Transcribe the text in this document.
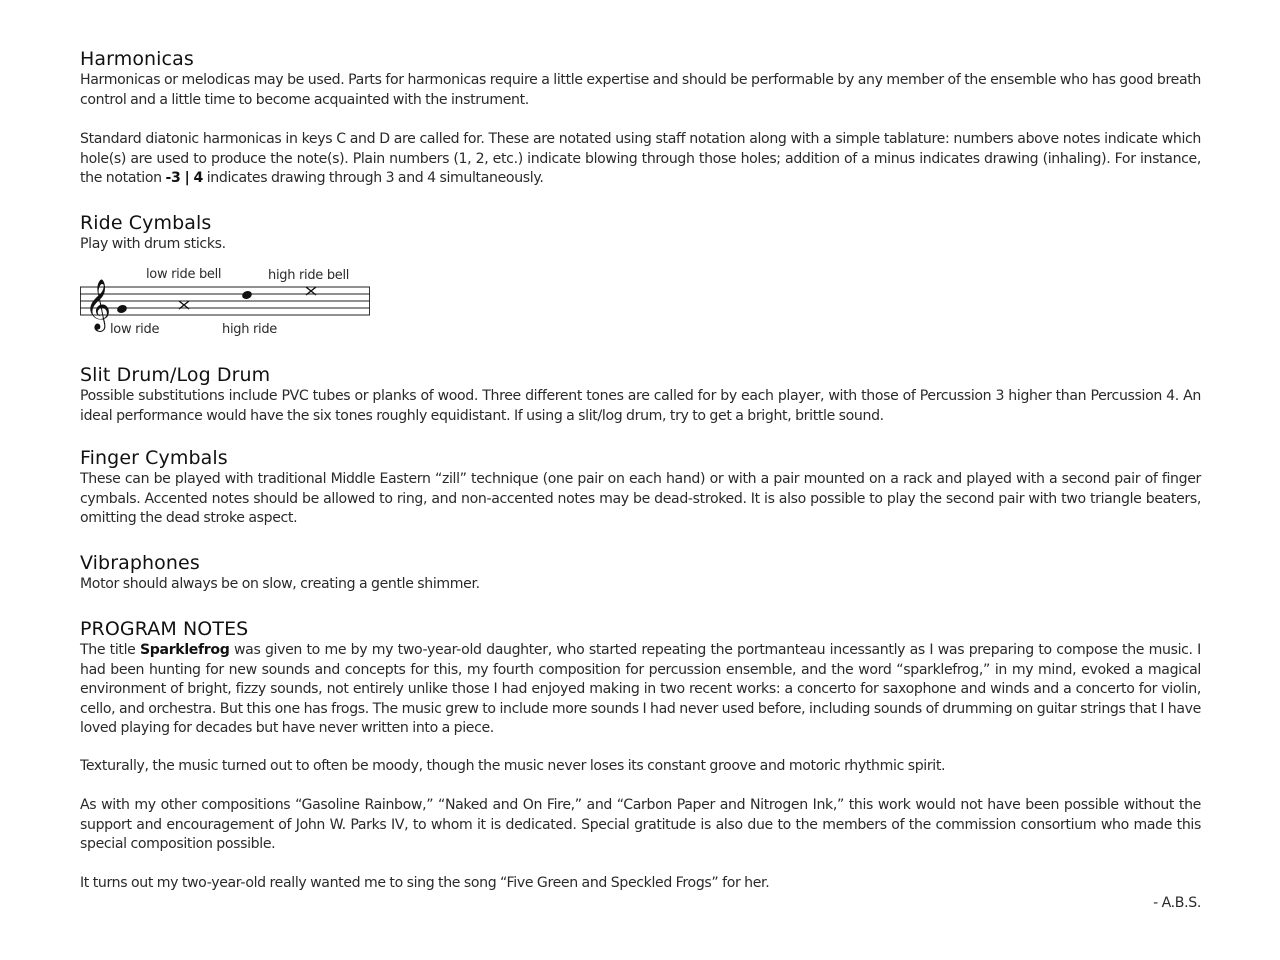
Harmonicas

Harmonicas or melodicas may be used. Parts for harmonicas require a little expertise and should be performable by any member of the ensemble who has good breath control and a little time to become acquainted with the instrument.

Standard diatonic harmonicas in keys C and D are called for. These are notated using staff notation along with a simple tablature: numbers above notes indicate which hole(s) are used to produce the note(s). Plain numbers (1, 2, etc.) indicate blowing through those holes; addition of a minus indicates drawing (inhaling). For instance, the notation -3 | 4 indicates drawing through 3 and 4 simultaneously.

Ride Cymbals

Play with drum sticks.

𝄞
low ride bell	high ride bell
low ride	high ride
Slit Drum/Log Drum

Possible substitutions include PVC tubes or planks of wood. Three different tones are called for by each player, with those of Percussion 3 higher than Percussion 4. An ideal performance would have the six tones roughly equidistant. If using a slit/log drum, try to get a bright, brittle sound.

Finger Cymbals

These can be played with traditional Middle Eastern “zill” technique (one pair on each hand) or with a pair mounted on a rack and played with a second pair of finger cymbals. Accented notes should be allowed to ring, and non-accented notes may be dead-stroked. It is also possible to play the second pair with two triangle beaters, omitting the dead stroke aspect.

Vibraphones

Motor should always be on slow, creating a gentle shimmer.

PROGRAM NOTES

The title Sparklefrog was given to me by my two-year-old daughter, who started repeating the portmanteau incessantly as I was preparing to compose the music. I had been hunting for new sounds and concepts for this, my fourth composition for percussion ensemble, and the word “sparklefrog,” in my mind, evoked a magical environment of bright, fizzy sounds, not entirely unlike those I had enjoyed making in two recent works: a concerto for saxophone and winds and a concerto for violin, cello, and orchestra. But this one has frogs. The music grew to include more sounds I had never used before, including sounds of drumming on guitar strings that I have loved playing for decades but have never written into a piece.

Texturally, the music turned out to often be moody, though the music never loses its constant groove and motoric rhythmic spirit.

As with my other compositions “Gasoline Rainbow,” “Naked and On Fire,” and “Carbon Paper and Nitrogen Ink,” this work would not have been possible without the support and encouragement of John W. Parks IV, to whom it is dedicated. Special gratitude is also due to the members of the commission consortium who made this special composition possible.

It turns out my two-year-old really wanted me to sing the song “Five Green and Speckled Frogs” for her.

- A.B.S.
